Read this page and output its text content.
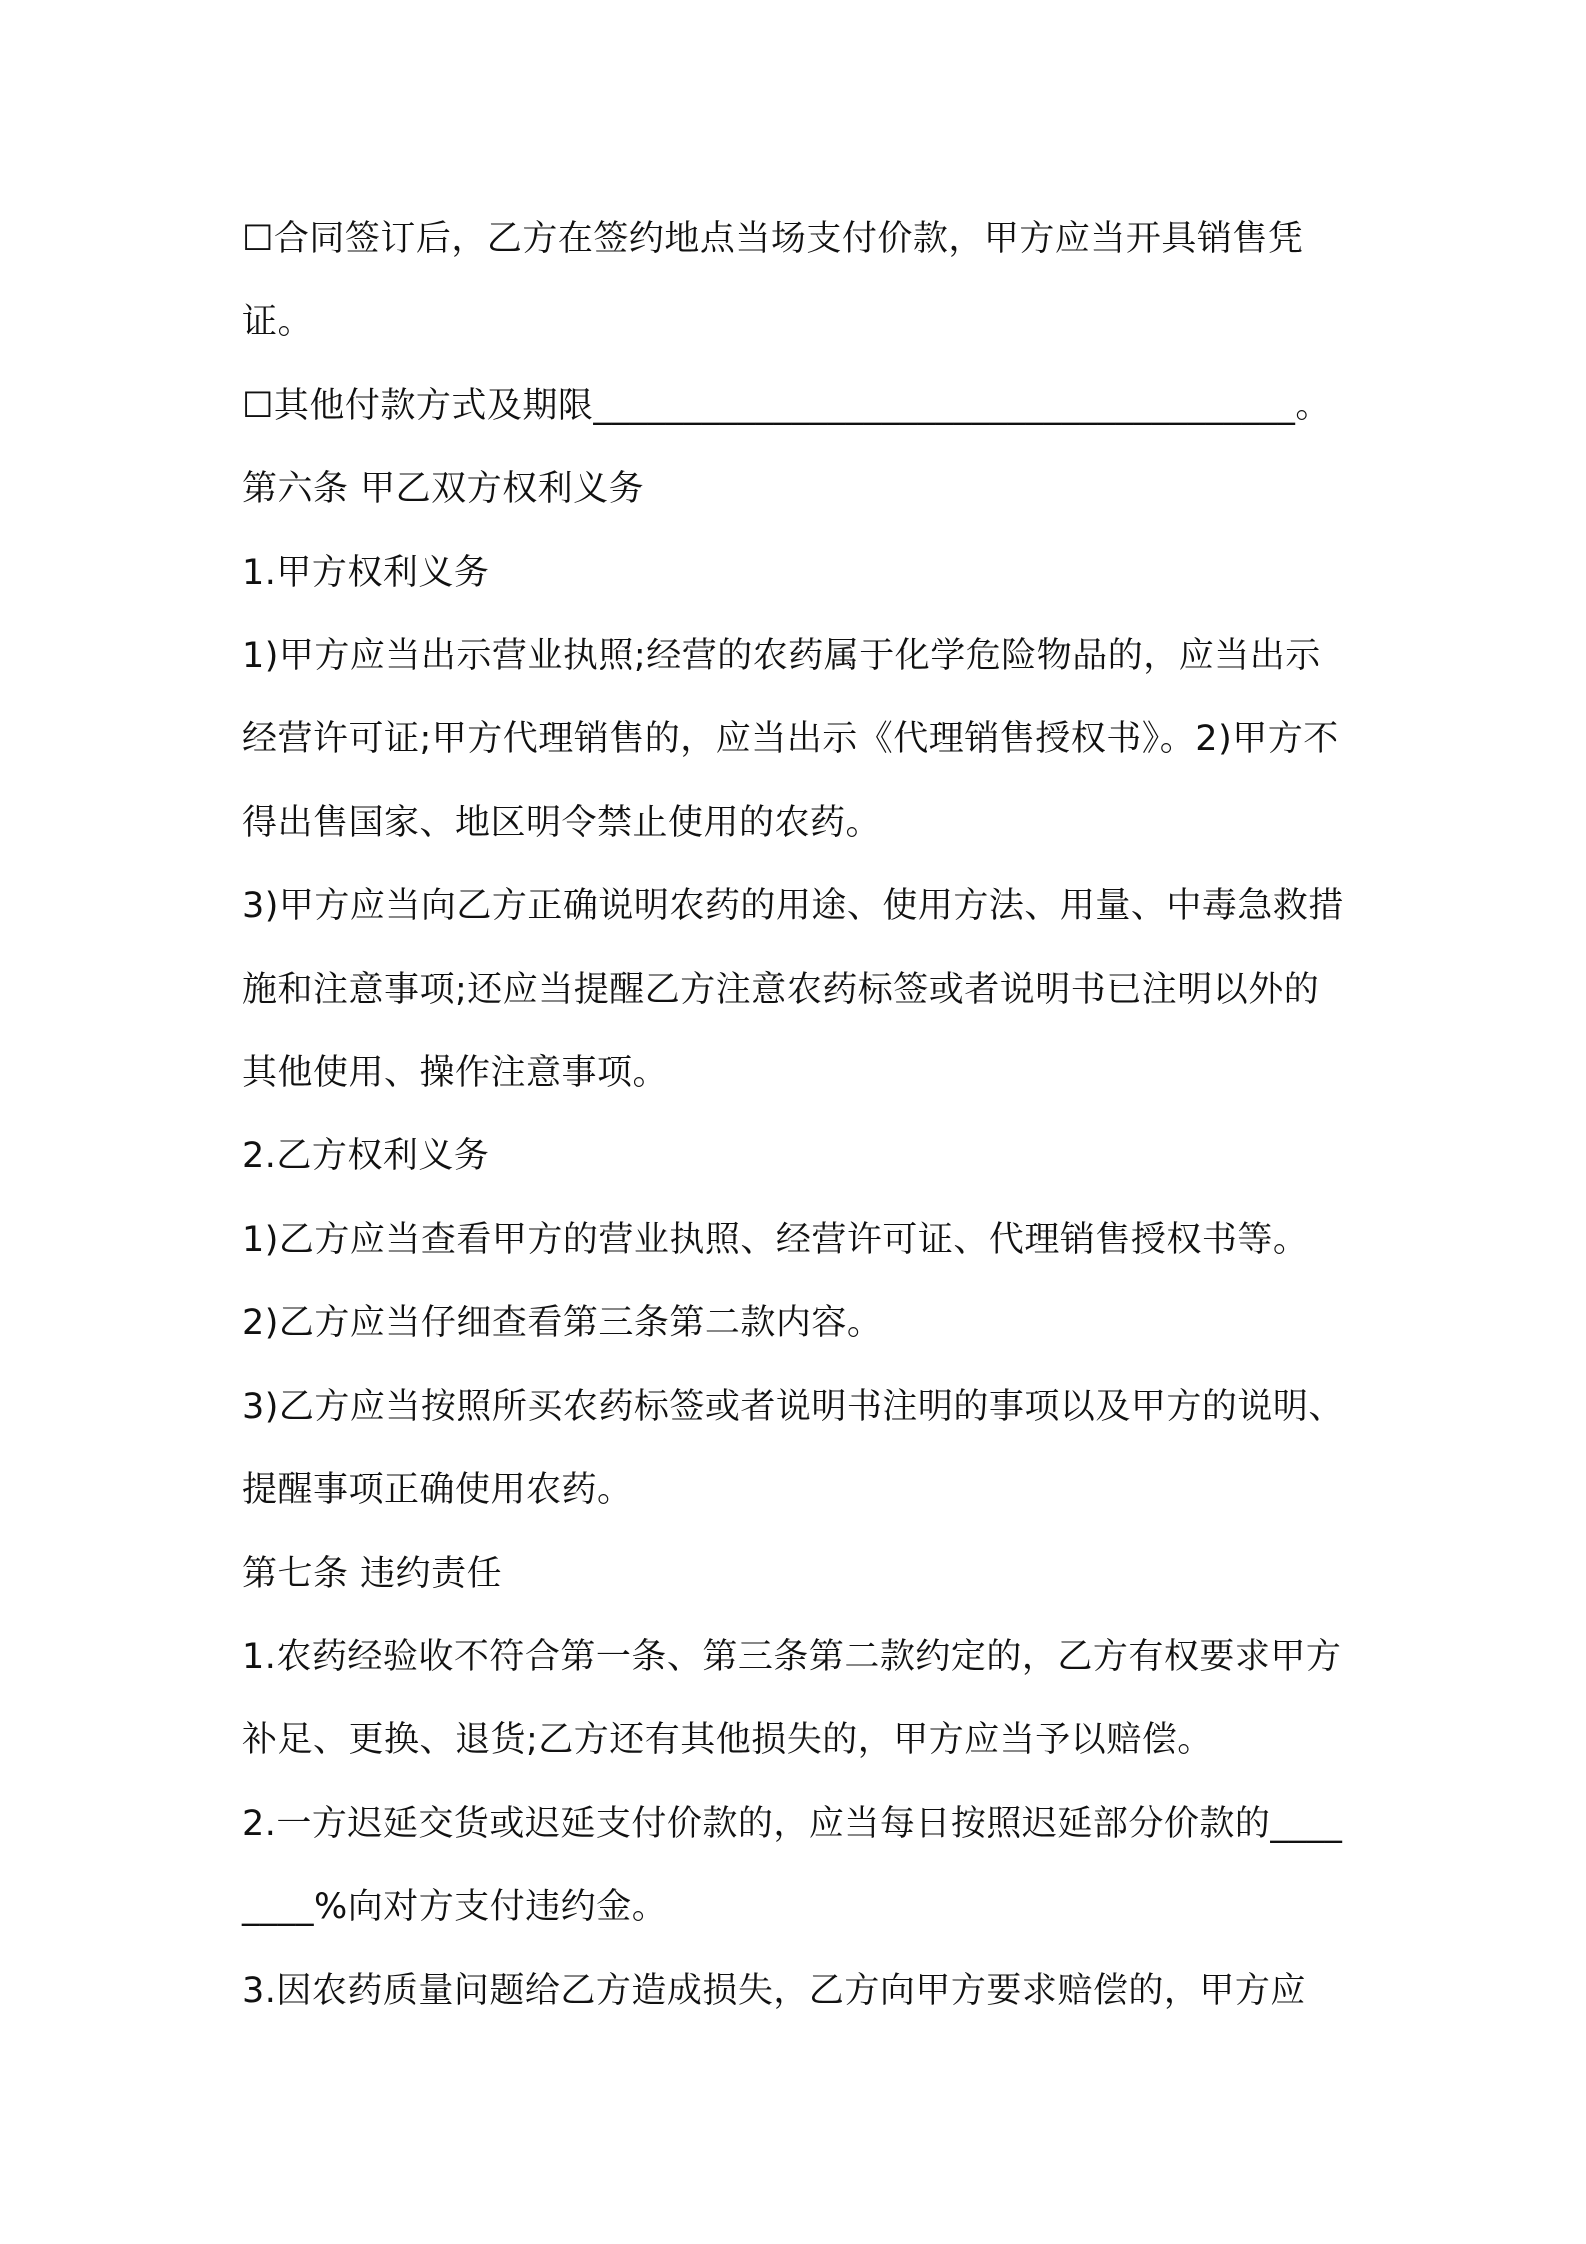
☐合同签订后，乙方在签约地点当场支付价款，甲方应当开具销售凭证。

☐其他付款方式及期限_______________________________________。

第六条 甲乙双方权利义务

1.甲方权利义务

1)甲方应当出示营业执照;经营的农药属于化学危险物品的，应当出示经营许可证;甲方代理销售的，应当出示《代理销售授权书》。2)甲方不得出售国家、地区明令禁止使用的农药。

3)甲方应当向乙方正确说明农药的用途、使用方法、用量、中毒急救措施和注意事项;还应当提醒乙方注意农药标签或者说明书已注明以外的其他使用、操作注意事项。

2.乙方权利义务

1)乙方应当查看甲方的营业执照、经营许可证、代理销售授权书等。

2)乙方应当仔细查看第三条第二款内容。

3)乙方应当按照所买农药标签或者说明书注明的事项以及甲方的说明、提醒事项正确使用农药。

第七条 违约责任

1.农药经验收不符合第一条、第三条第二款约定的，乙方有权要求甲方补足、更换、退货;乙方还有其他损失的，甲方应当予以赔偿。

2.一方迟延交货或迟延支付价款的，应当每日按照迟延部分价款的________%向对方支付违约金。

3.因农药质量问题给乙方造成损失，乙方向甲方要求赔偿的，甲方应
